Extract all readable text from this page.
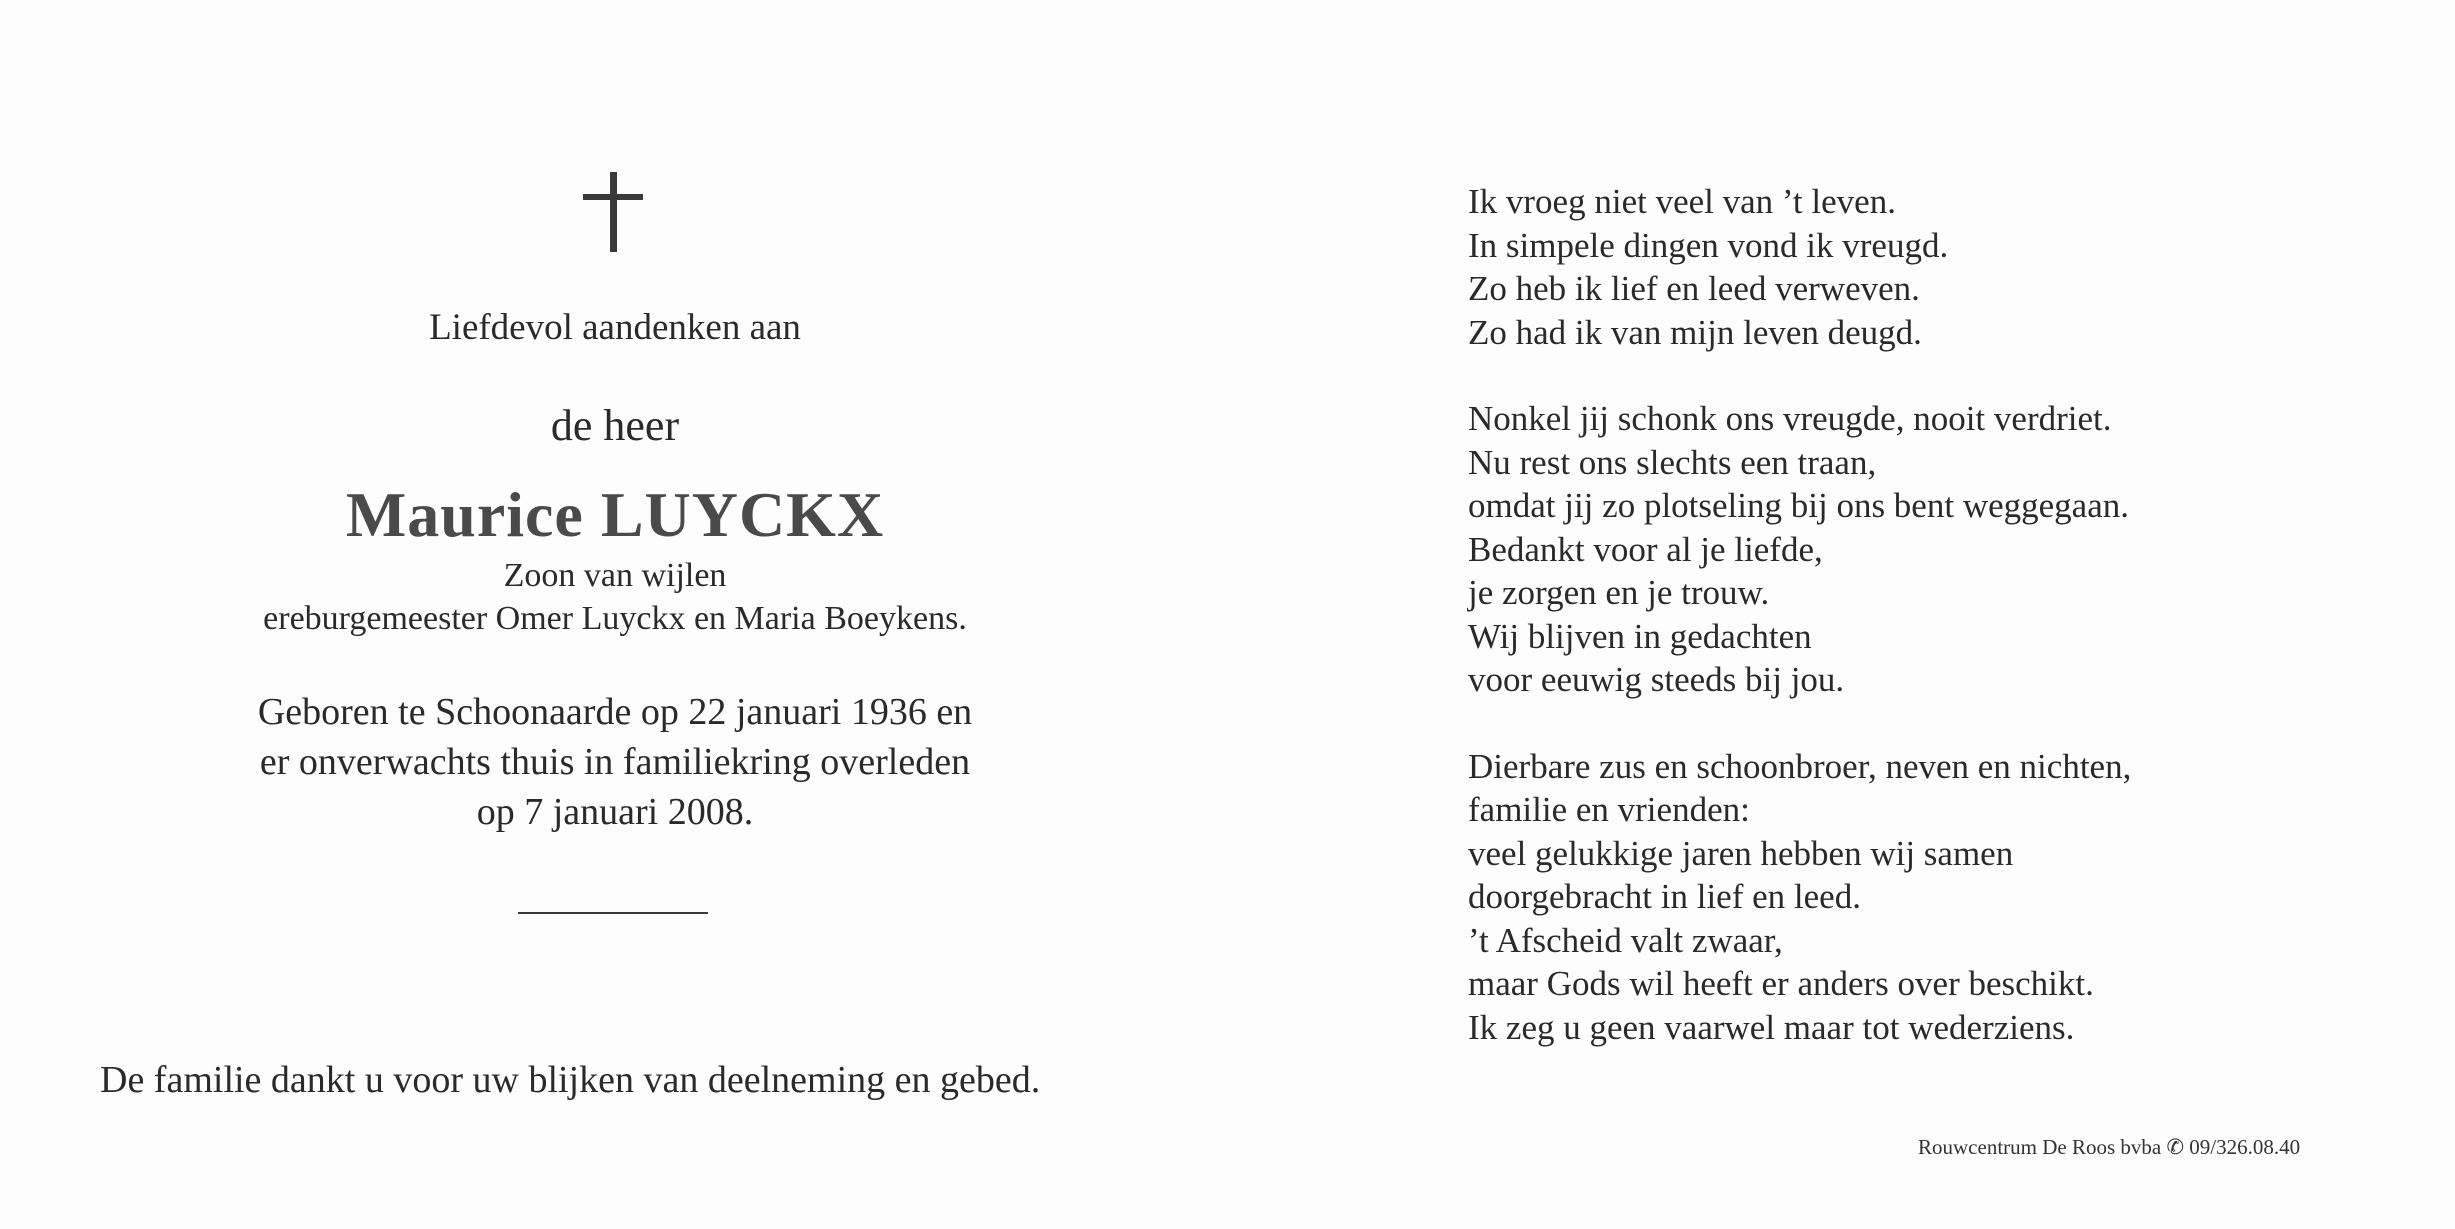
Liefdevol aandenken aan
de heer
Maurice LUYCKX
Zoon van wijlen
ereburgemeester Omer Luyckx en Maria Boeykens.
Geboren te Schoonaarde op 22 januari 1936 en
er onverwachts thuis in familiekring overleden
op 7 januari 2008.
De familie dankt u voor uw blijken van deelneming en gebed.
Ik vroeg niet veel van ’t leven.
In simpele dingen vond ik vreugd.
Zo heb ik lief en leed verweven.
Zo had ik van mijn leven deugd.
Nonkel jij schonk ons vreugde, nooit verdriet.
Nu rest ons slechts een traan,
omdat jij zo plotseling bij ons bent weggegaan.
Bedankt voor al je liefde,
je zorgen en je trouw.
Wij blijven in gedachten
voor eeuwig steeds bij jou.
Dierbare zus en schoonbroer, neven en nichten,
familie en vrienden:
veel gelukkige jaren hebben wij samen
doorgebracht in lief en leed.
’t Afscheid valt zwaar,
maar Gods wil heeft er anders over beschikt.
Ik zeg u geen vaarwel maar tot wederziens.
Rouwcentrum De Roos bvba ✆ 09/326.08.40
